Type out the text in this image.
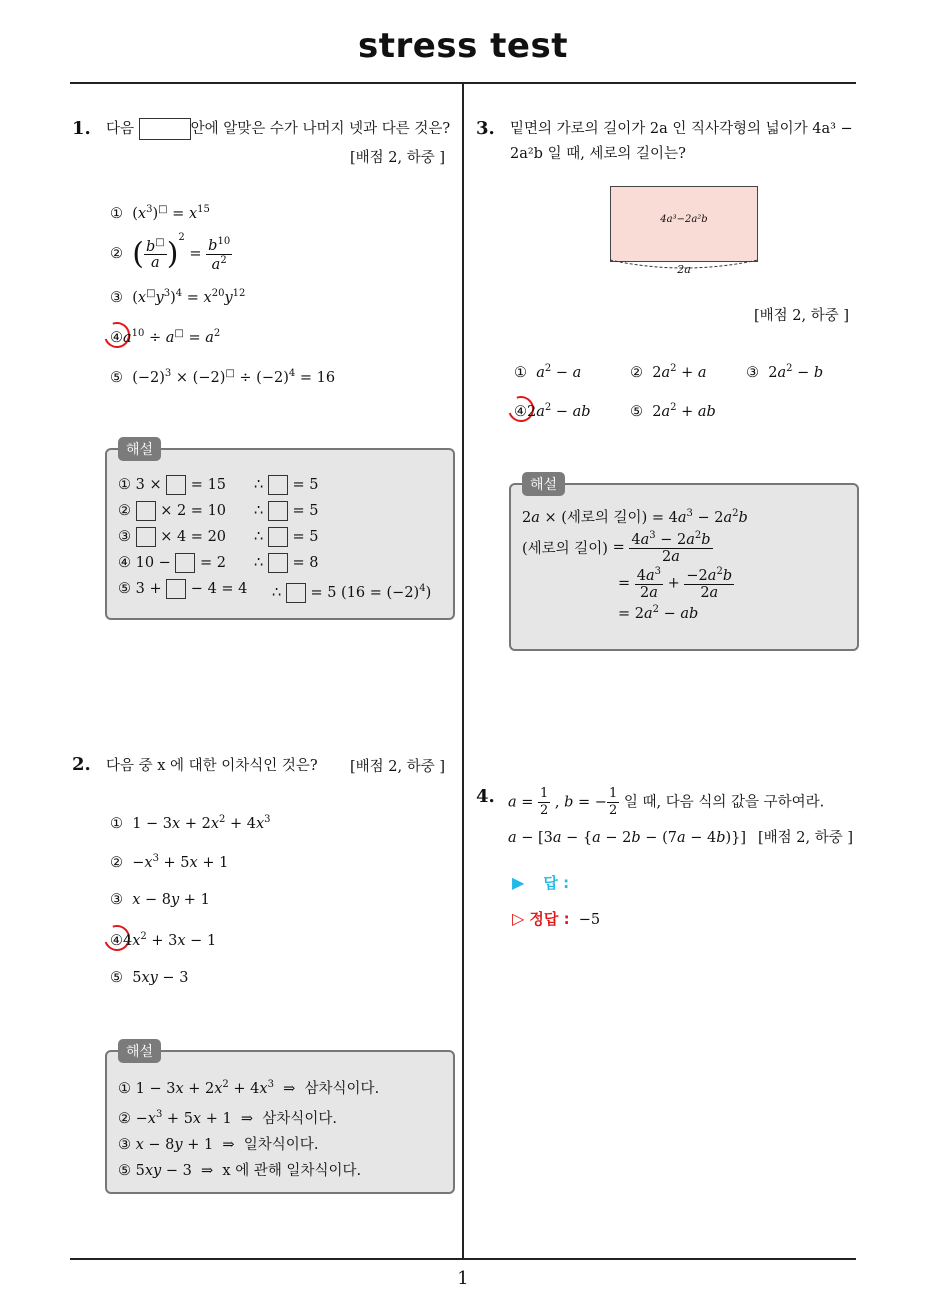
stress test
1. 다음	안에 알맞은 수가 나머지 넷과 다른 것은?
[배점 2, 하중 ]
①  $(x^3)^□ = x^{15}$
② ( $\frac{b^□}{a} )^2 = \frac{b^{10}}{a^2}$
③  $(x^□y^3)^4 = x^{20}y^{12}$
$④a^{10} \div a^□ = a^2$
⑤  $(-2)^3 \times (-2)^□ \div (-2)^4 = 16$
해설
① 3 ×  = 15 ∴  = 5
②  × 2 = 10 ∴  = 5
③  × 4 = 20 ∴  = 5
④ 10 −  = 2 ∴  = 8
⑤ 3 +  − 4 = 4 ∴  = 5 $(16 = (-2)^4)$
2. 다음 중 x 에 대한 이차식인 것은? [배점 2, 하중 ]
①  $1 - 3x + 2x^2 + 4x^3$
②  $-x^3 + 5x + 1$
③ x − 8y + 1
$④4x^2 + 3x - 1$
⑤  5xy − 3
해설
① $1 - 3x + 2x^2 + 4x^3$  ⇒  삼차식이다.
② $-x^3 + 5x + 1$  ⇒  삼차식이다.
③ x − 8y + 1  ⇒  일차식이다.
⑤ 5xy − 3  ⇒  x 에 관해 일차식이다.
3. 밑면의 가로의 길이가 2a 인 직사각형의 넓이가 4a³ −
2a²b 일 때, 세로의 길이는?
4a³−2a²b
2a
[배점 2, 하중 ]
① $a^2 - a$	②  $2a^2 + a$	③  $2a^2 - b$
$④2a^2$ − ab	⑤  $2a^2$ + ab
해설
2a × (세로의 길이) = $4a^3 - 2a^2b$
(세로의 길이) = $\frac{4a^3 - 2a^2b}{2a}$
= $\frac{4a^3}{2a} + \frac{-2a^2b}{2a}$
= $2a^2$ − ab
4. $a = \frac{1}{2}$ , b = − $\frac{1}{2}$ 일 때, 다음 식의 값을 구하여라.
a − [3a − {a − 2b − (7a − 4b)}] [배점 2, 하중 ]
▶ 답 :
▷ 정답 : −5
1
